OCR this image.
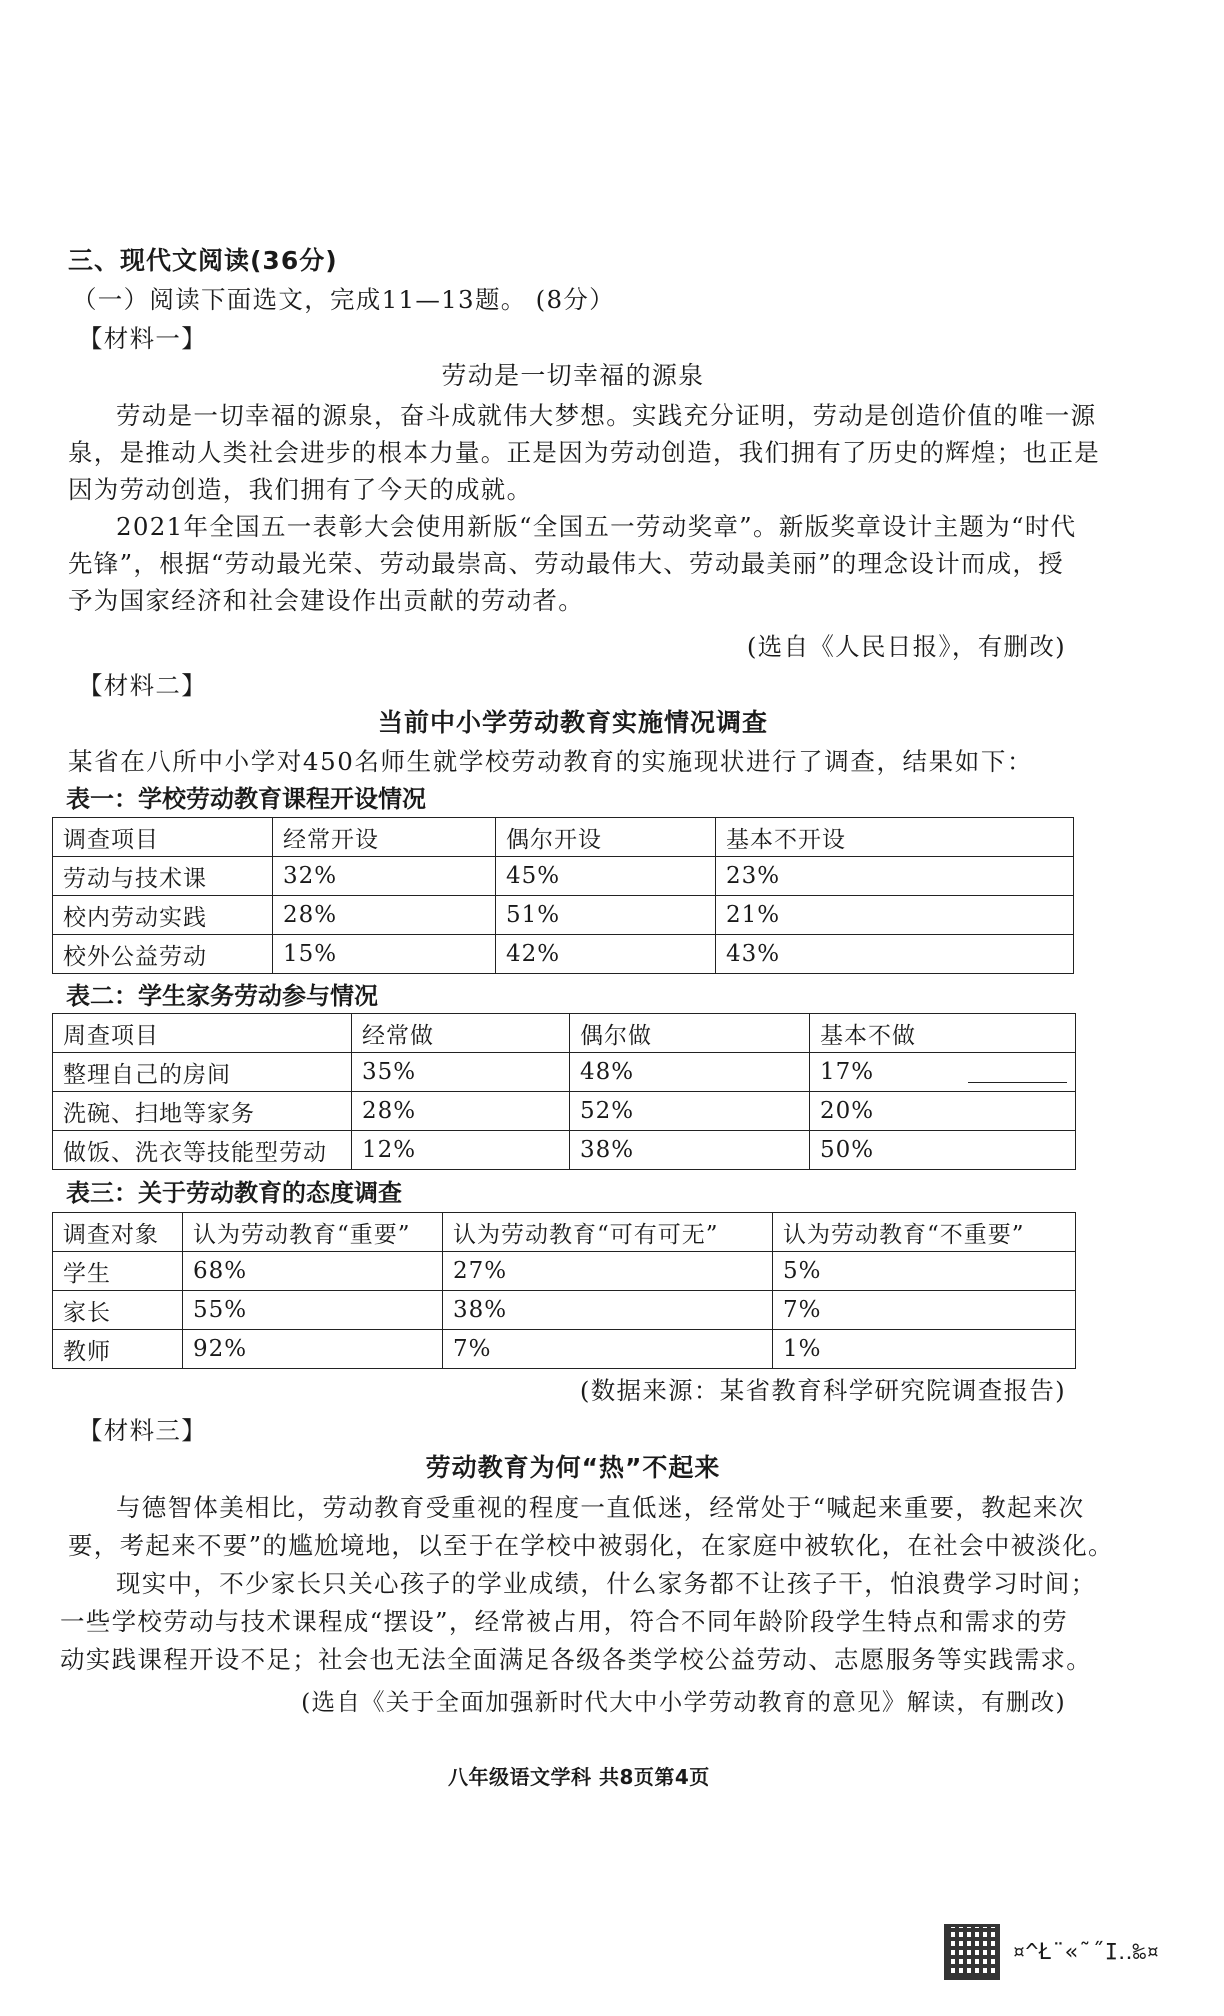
三、现代文阅读(36分)
（一）阅读下面选文，完成11—13题。 (8分）
【材料一】
劳动是一切幸福的源泉
劳动是一切幸福的源泉，奋斗成就伟大梦想。实践充分证明，劳动是创造价值的唯一源
泉，是推动人类社会进步的根本力量。正是因为劳动创造，我们拥有了历史的辉煌；也正是
因为劳动创造，我们拥有了今天的成就。
2021年全国五一表彰大会使用新版“全国五一劳动奖章”。新版奖章设计主题为“时代
先锋”，根据“劳动最光荣、劳动最崇高、劳动最伟大、劳动最美丽”的理念设计而成，授
予为国家经济和社会建设作出贡献的劳动者。
(选自《人民日报》，有删改)
【材料二】
当前中小学劳动教育实施情况调查
某省在八所中小学对450名师生就学校劳动教育的实施现状进行了调查，结果如下：
表一：学校劳动教育课程开设情况
调查项目	经常开设	偶尔开设	基本不开设
劳动与技术课	32%	45%	23%
校内劳动实践	28%	51%	21%
校外公益劳动	15%	42%	43%
表二：学生家务劳动参与情况
周查项目	经常做	偶尔做	基本不做
整理自己的房间	35%	48%	17%

洗碗、扫地等家务	28%	52%	20%
做饭、洗衣等技能型劳动	12%	38%	50%
表三：关于劳动教育的态度调查
调查对象	认为劳动教育“重要”	认为劳动教育“可有可无”	认为劳动教育“不重要”
学生	68%	27%	5%
家长	55%	38%	7%
教师	92%	7%	1%
(数据来源：某省教育科学研究院调查报告)
【材料三】
劳动教育为何“热”不起来
与德智体美相比，劳动教育受重视的程度一直低迷，经常处于“喊起来重要，教起来次
要，考起来不要”的尴尬境地，以至于在学校中被弱化，在家庭中被软化，在社会中被淡化。
现实中，不少家长只关心孩子的学业成绩，什么家务都不让孩子干，怕浪费学习时间；
一些学校劳动与技术课程成“摆设”，经常被占用，符合不同年龄阶段学生特点和需求的劳
动实践课程开设不足；社会也无法全面满足各级各类学校公益劳动、志愿服务等实践需求。
(选自《关于全面加强新时代大中小学劳动教育的意见》解读，有删改)
八年级语文学科 共8页第4页
¤^Ł¨«˜˝Ι‥‰¤
